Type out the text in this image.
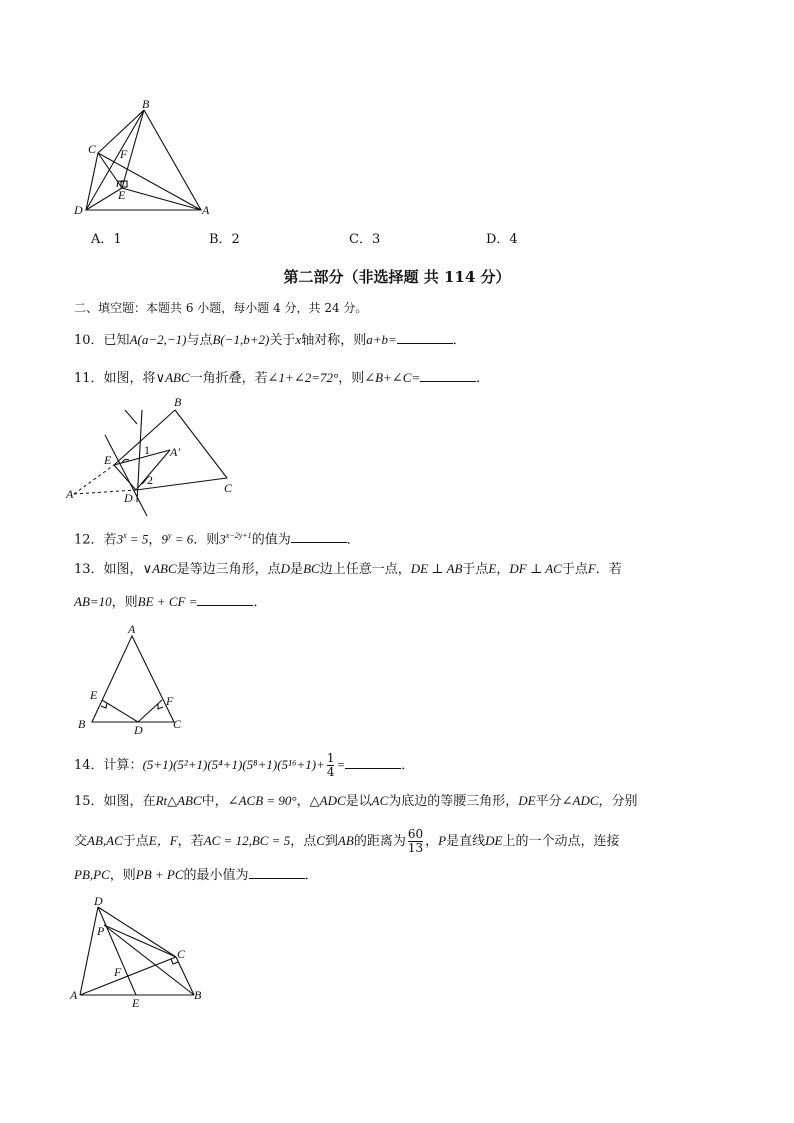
B
C F
E
D	A
A．1	B．2	C．3	D．4
第二部分（非选择题 共 114 分）
二、填空题：本题共 6 小题，每小题 4 分，共 24 分。
10．已知A(a−2,−1)与点B(−1,b+2)关于x轴对称，则a+b=	．
11．如图，将∨ABC一角折叠，若∠1+∠2=72°，则∠B+∠C=	．
B
E
1 A′
A
2
D
C
12．若$3^x = 5$，$9^y = 6$．则$3^{x-2y+1}$的值为	．
13．如图，∨ABC是等边三角形，点D是BC边上任意一点，DE ⊥ AB于点E，DF ⊥ AC于点F．若
AB=10，则BE + CF =	．
A
E	F
B	D	C
14．计算：$(5+1)(5^2+1)(5^4+1)(5^8+1)(5^{16}+1)+ \frac{1}{4}$ =	．
15．如图，在Rt△ABC中，∠ACB = 90°，△ADC是以AC为底边的等腰三角形，DE平分∠ADC，分别
交AB,AC于点E，F，若AC = 12,BC = 5，点C到AB的距离为 $\frac{60}{13}$ ，P是直线DE上的一个动点，连接
PB,PC，则PB + PC的最小值为	．
D
P
C
F
A
E
B
